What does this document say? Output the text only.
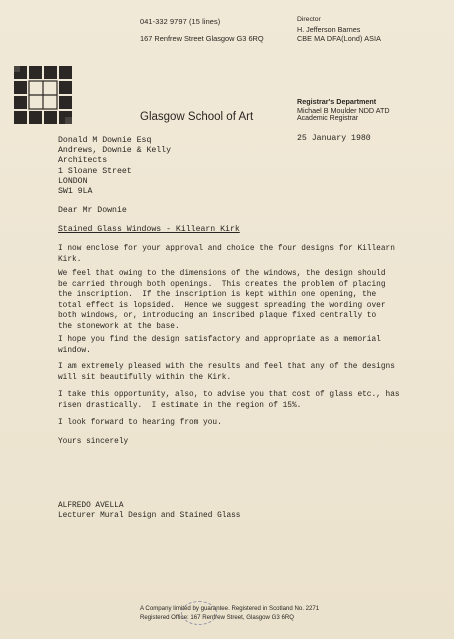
041-332 9797 (15 lines)
167 Renfrew Street Glasgow G3 6RQ
Director
H. Jefferson Barnes
CBE MA DFA(Lond) ASIA
Glasgow School of Art
Registrar's Department
Michael B Moulder NDD ATD
Academic Registrar
25 January 1980
Donald M Downie Esq
Andrews, Downie & Kelly
Architects
1 Sloane Street
LONDON
SW1 9LA
Dear Mr Downie
Stained Glass Windows - Killearn Kirk
I now enclose for your approval and choice the four designs for Killearn
Kirk.
We feel that owing to the dimensions of the windows, the design should
be carried through both openings.  This creates the problem of placing
the inscription.  If the inscription is kept within one opening, the
total effect is lopsided.  Hence we suggest spreading the wording over
both windows, or, introducing an inscribed plaque fixed centrally to
the stonework at the base.
I hope you find the design satisfactory and appropriate as a memorial
window.
I am extremely pleased with the results and feel that any of the designs
will sit beautifully within the Kirk.
I take this opportunity, also, to advise you that cost of glass etc., has
risen drastically.  I estimate in the region of 15%.
I look forward to hearing from you.
Yours sincerely
ALFREDO AVELLA
Lecturer Mural Design and Stained Glass
A Company limited by guarantee. Registered in Scotland No. 2271
Registered Office: 167 Renfrew Street, Glasgow G3 6RQ
